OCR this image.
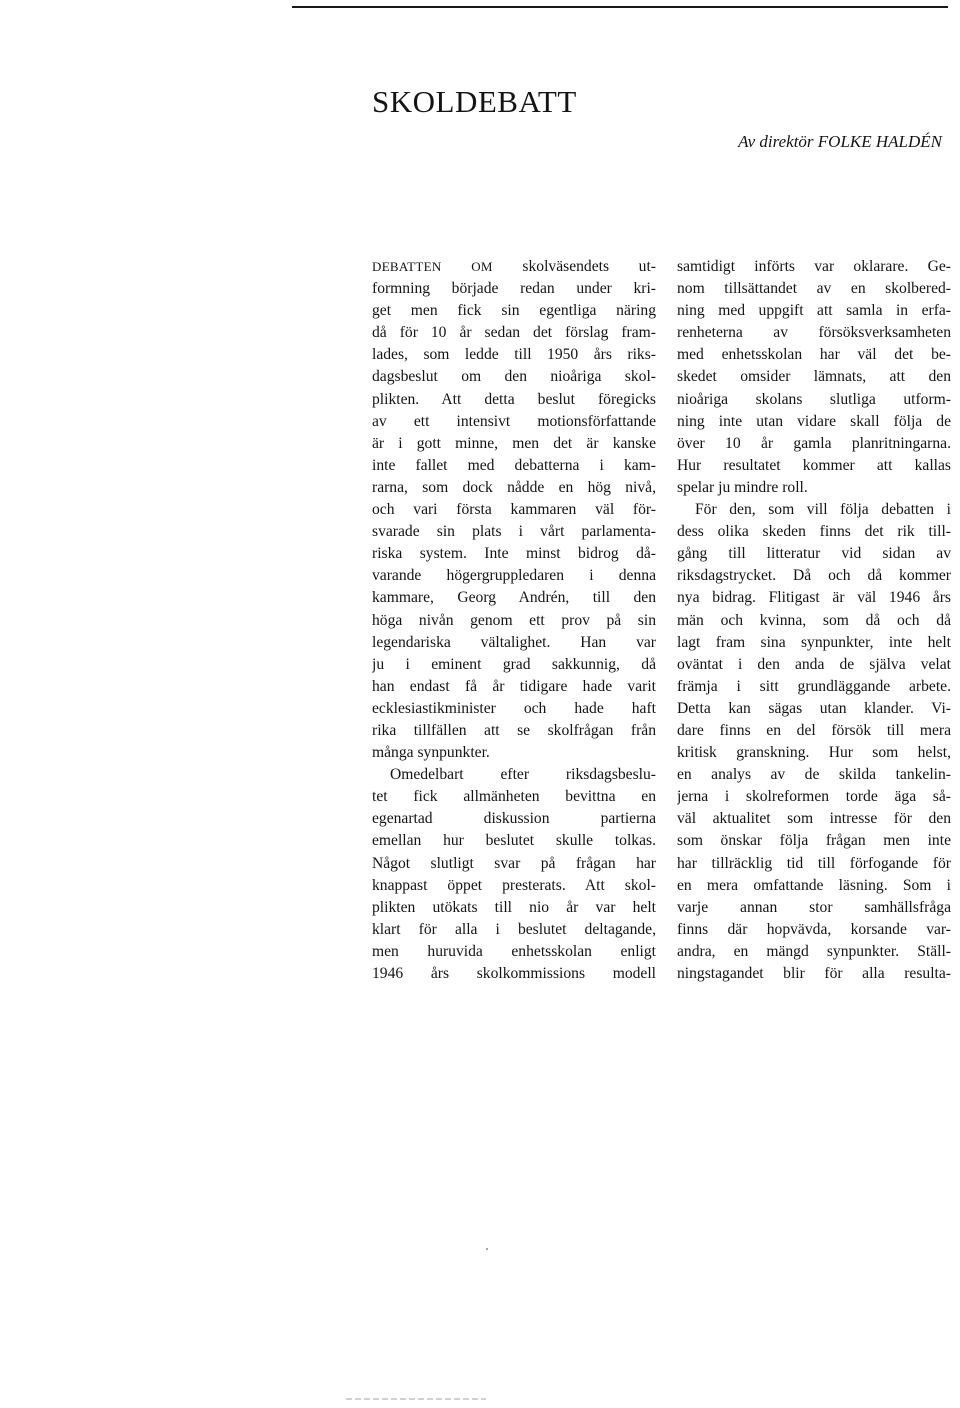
SKOLDEBATT

Av direktör FOLKE HALDÉN

DEBATTEN OM skolväsendets ut-
formning började redan under kri-
get men fick sin egentliga näring
då för 10 år sedan det förslag fram-
lades, som ledde till 1950 års riks-
dagsbeslut om den nioåriga skol-
plikten. Att detta beslut föregicks
av ett intensivt motionsförfattande
är i gott minne, men det är kanske
inte fallet med debatterna i kam-
rarna, som dock nådde en hög nivå,
och vari första kammaren väl för-
svarade sin plats i vårt parlamenta-
riska system. Inte minst bidrog då-
varande högergruppledaren i denna
kammare, Georg Andrén, till den
höga nivån genom ett prov på sin
legendariska vältalighet. Han var
ju i eminent grad sakkunnig, då
han endast få år tidigare hade varit
ecklesiastikminister och hade haft
rika tillfällen att se skolfrågan från
många synpunkter.
Omedelbart efter riksdagsbeslu-
tet fick allmänheten bevittna en
egenartad diskussion partierna
emellan hur beslutet skulle tolkas.
Något slutligt svar på frågan har
knappast öppet presterats. Att skol-
plikten utökats till nio år var helt
klart för alla i beslutet deltagande,
men huruvida enhetsskolan enligt
1946 års skolkommissions modell
samtidigt införts var oklarare. Ge-
nom tillsättandet av en skolbered-
ning med uppgift att samla in erfa-
renheterna av försöksverksamheten
med enhetsskolan har väl det be-
skedet omsider lämnats, att den
nioåriga skolans slutliga utform-
ning inte utan vidare skall följa de
över 10 år gamla planritningarna.
Hur resultatet kommer att kallas
spelar ju mindre roll.
För den, som vill följa debatten i
dess olika skeden finns det rik till-
gång till litteratur vid sidan av
riksdagstrycket. Då och då kommer
nya bidrag. Flitigast är väl 1946 års
män och kvinna, som då och då
lagt fram sina synpunkter, inte helt
oväntat i den anda de själva velat
främja i sitt grundläggande arbete.
Detta kan sägas utan klander. Vi-
dare finns en del försök till mera
kritisk granskning. Hur som helst,
en analys av de skilda tankelin-
jerna i skolreformen torde äga så-
väl aktualitet som intresse för den
som önskar följa frågan men inte
har tillräcklig tid till förfogande för
en mera omfattande läsning. Som i
varje annan stor samhällsfråga
finns där hopvävda, korsande var-
andra, en mängd synpunkter. Ställ-
ningstagandet blir för alla resulta-
